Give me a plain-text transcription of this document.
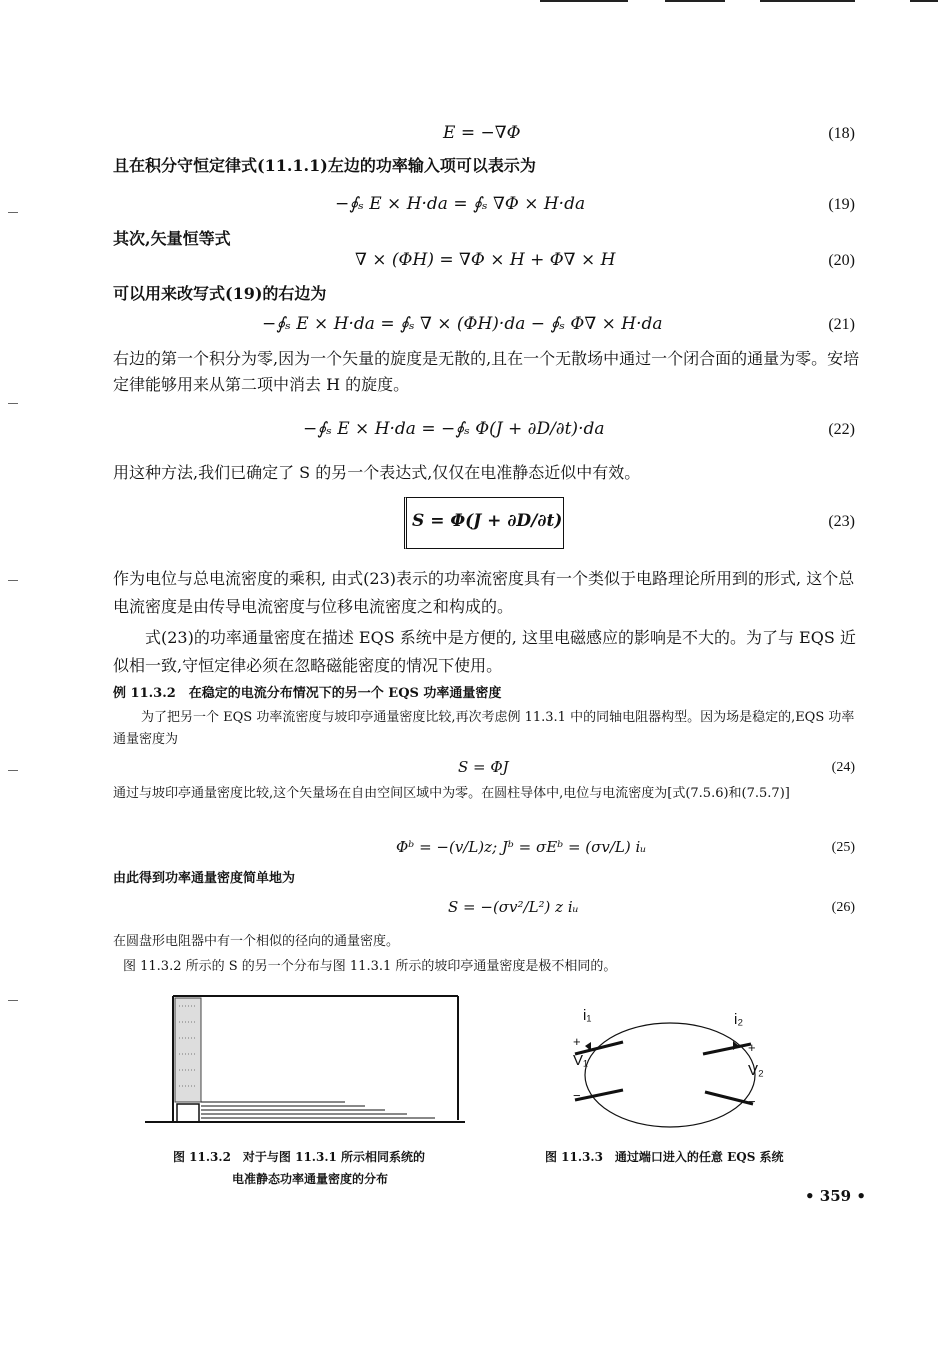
E = −∇Φ	(18)
且在积分守恒定律式(11.1.1)左边的功率输入项可以表示为
−∮ₛ E × H·da = ∮ₛ ∇Φ × H·da	(19)
其次,矢量恒等式
∇ × (ΦH) = ∇Φ × H + Φ∇ × H	(20)
可以用来改写式(19)的右边为
−∮ₛ E × H·da = ∮ₛ ∇ × (ΦH)·da − ∮ₛ Φ∇ × H·da	(21)
右边的第一个积分为零,因为一个矢量的旋度是无散的,且在一个无散场中通过一个闭合面的通量为零。安培定律能够用来从第二项中消去 H 的旋度。
−∮ₛ E × H·da = −∮ₛ Φ(J + ∂D/∂t)·da	(22)
用这种方法,我们已确定了 S 的另一个表达式,仅仅在电准静态近似中有效。
S = Φ(J + ∂D/∂t)	(23)
作为电位与总电流密度的乘积, 由式(23)表示的功率流密度具有一个类似于电路理论所用到的形式, 这个总电流密度是由传导电流密度与位移电流密度之和构成的。
式(23)的功率通量密度在描述 EQS 系统中是方便的, 这里电磁感应的影响是不大的。为了与 EQS 近似相一致,守恒定律必须在忽略磁能密度的情况下使用。
例 11.3.2　在稳定的电流分布情况下的另一个 EQS 功率通量密度
为了把另一个 EQS 功率流密度与坡印亭通量密度比较,再次考虑例 11.3.1 中的同轴电阻器构型。因为场是稳定的,EQS 功率通量密度为
S = ΦJ	(24)
通过与坡印亭通量密度比较,这个矢量场在自由空间区域中为零。在圆柱导体中,电位与电流密度为[式(7.5.6)和(7.5.7)]
Φᵇ = −(v/L)z; Jᵇ = σEᵇ = (σv/L) iᵤ	(25)
由此得到功率通量密度简单地为
S = −(σv²/L²) z iᵤ	(26)
在圆盘形电阻器中有一个相似的径向的通量密度。
图 11.3.2 所示的 S 的另一个分布与图 11.3.1 所示的坡印亭通量密度是极不相同的。
图 11.3.2　对于与图 11.3.1 所示相同系统的
电准静态功率通量密度的分布
i₁	i₂
+
V₁
−
+
V₂
−
图 11.3.3　通过端口进入的任意 EQS 系统
• 359 •
